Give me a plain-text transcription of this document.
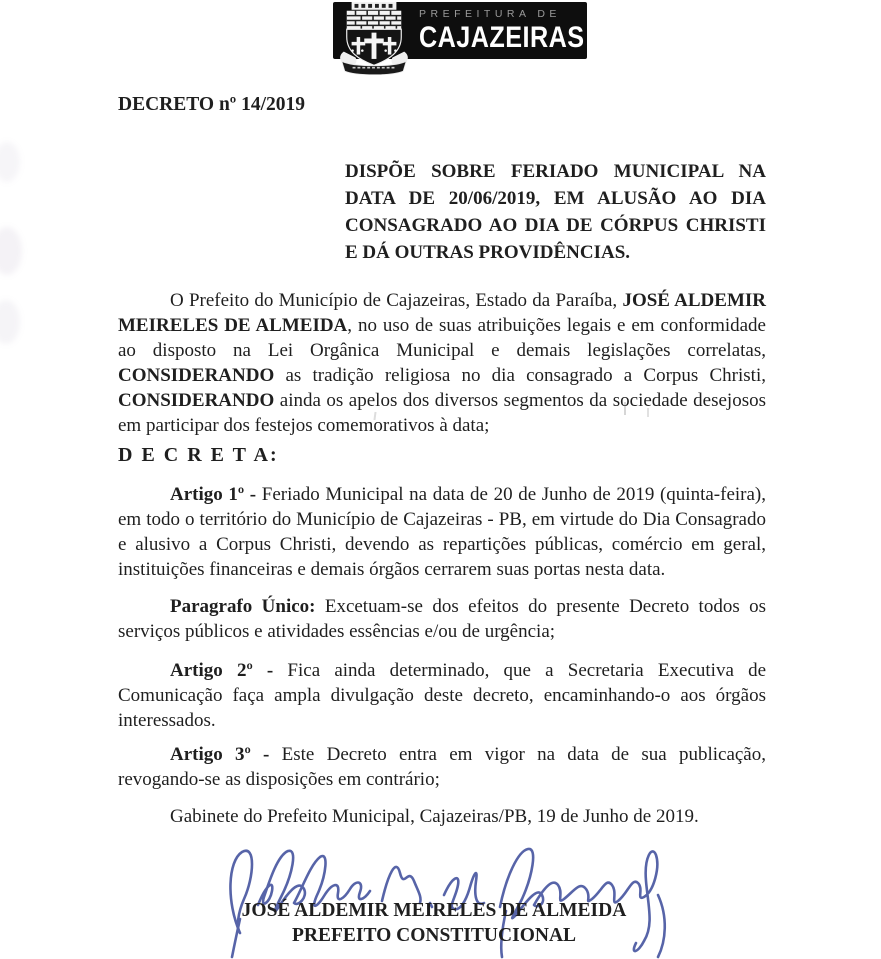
PREFEITURA DE
CAJAZEIRAS
DECRETO nº 14/2019

DISPÕE SOBRE FERIADO MUNICIPAL NA DATA DE 20/06/2019, EM ALUSÃO AO DIA CONSAGRADO AO DIA DE CÓRPUS CHRISTI E DÁ OUTRAS PROVIDÊNCIAS.

O Prefeito do Município de Cajazeiras, Estado da Paraíba, JOSÉ ALDEMIR MEIRELES DE ALMEIDA, no uso de suas atribuições legais e em conformidade ao disposto na Lei Orgânica Municipal e demais legislações correlatas, CONSIDERANDO as tradição religiosa no dia consagrado a Corpus Christi, CONSIDERANDO ainda os apelos dos diversos segmentos da sociedade desejosos em participar dos festejos comemorativos à data;

D E C R E T A:

Artigo 1º - Feriado Municipal na data de 20 de Junho de 2019 (quinta-feira), em todo o território do Município de Cajazeiras - PB, em virtude do Dia Consagrado e alusivo a Corpus Christi, devendo as repartições públicas, comércio em geral, instituições financeiras e demais órgãos cerrarem suas portas nesta data.

Paragrafo Único: Excetuam-se dos efeitos do presente Decreto todos os serviços públicos e atividades essências e/ou de urgência;

Artigo 2º - Fica ainda determinado, que a Secretaria Executiva de Comunicação faça ampla divulgação deste decreto, encaminhando-o aos órgãos interessados.

Artigo 3º - Este Decreto entra em vigor na data de sua publicação, revogando-se as disposições em contrário;

Gabinete do Prefeito Municipal, Cajazeiras/PB, 19 de Junho de 2019.

JOSÉ ALDEMIR MEIRELES DE ALMEIDA
PREFEITO CONSTITUCIONAL
